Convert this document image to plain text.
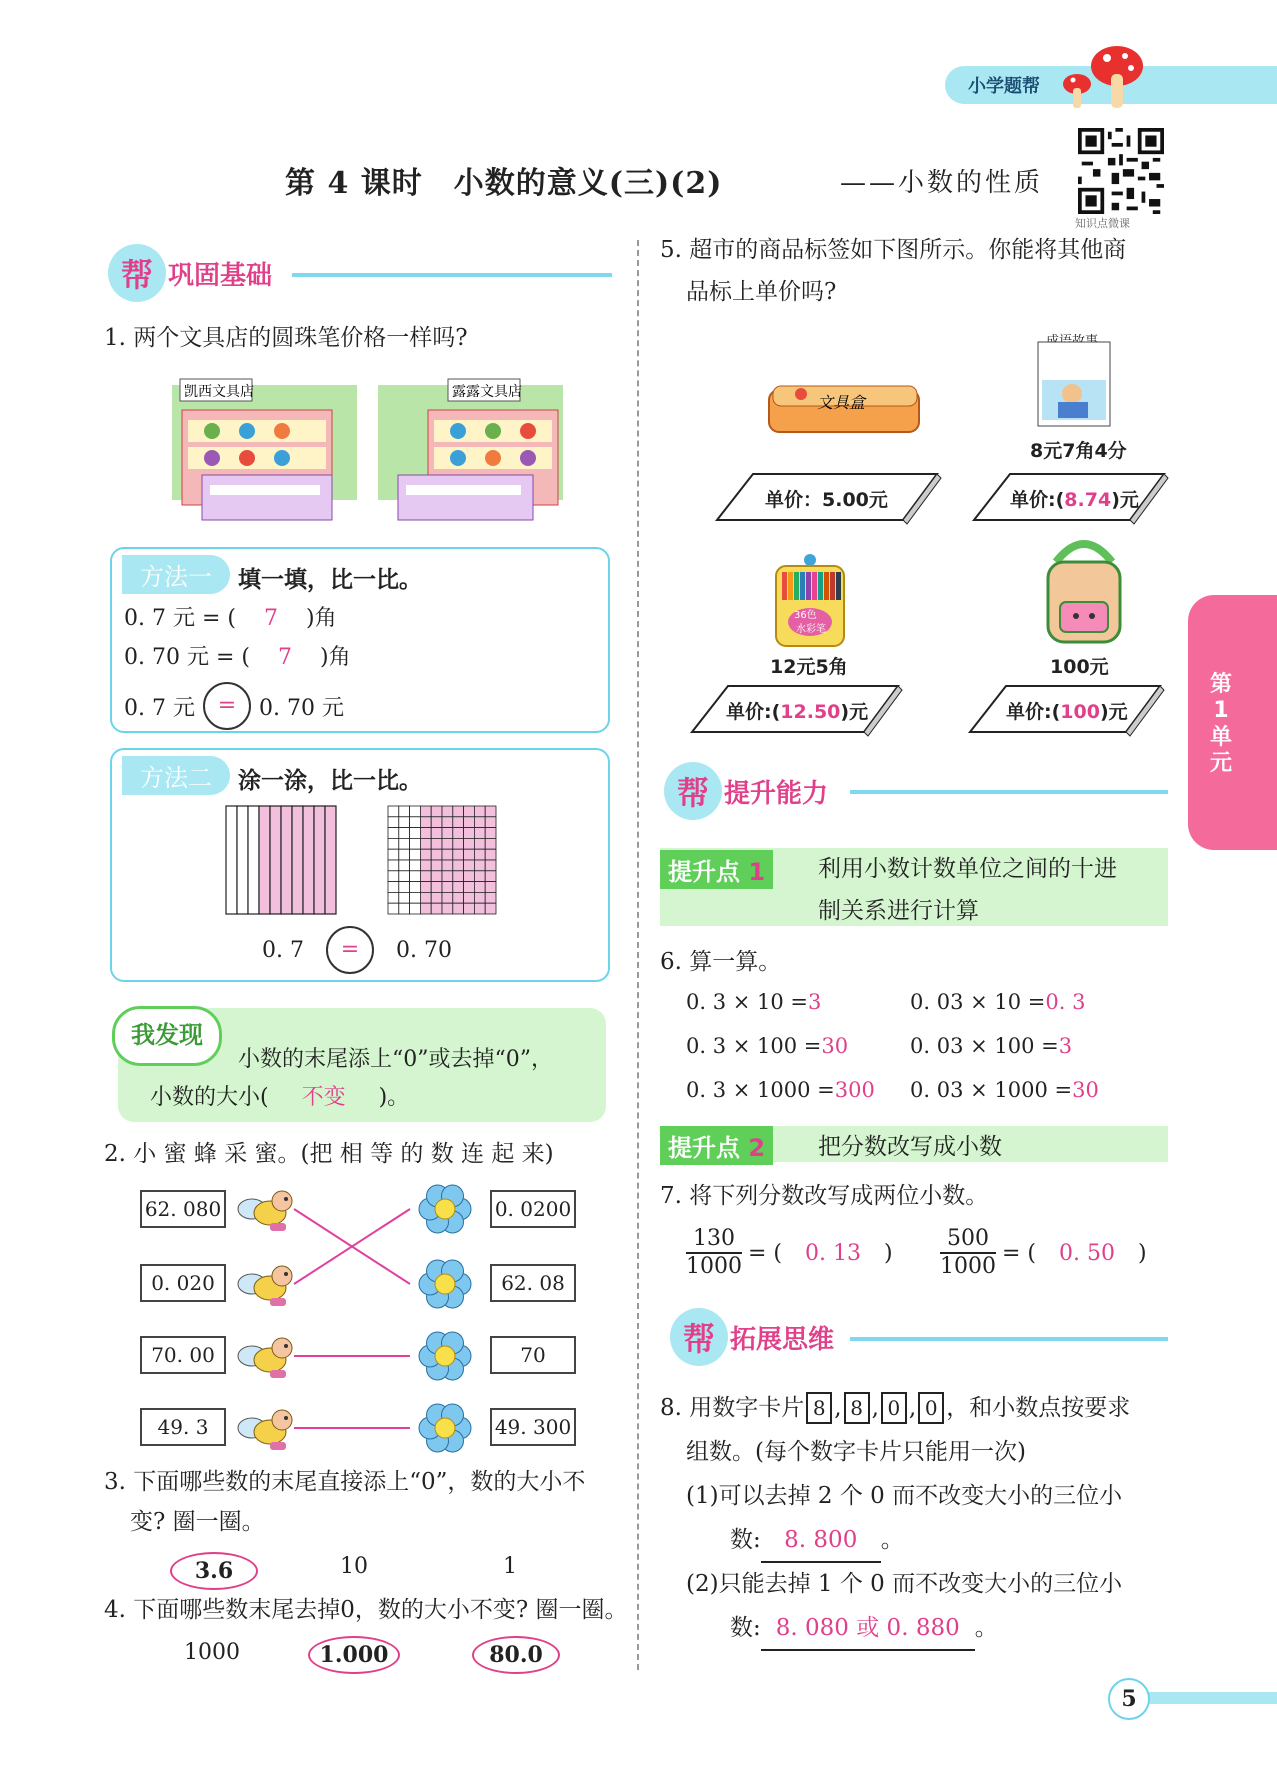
小学题帮
知识点微课
第 4 课时　小数的意义(三)(2)	——小数的性质
帮 巩固基础
1. 两个文具店的圆珠笔价格一样吗?
凯西文具店	露露文具店
方法一	填一填，比一比。
0. 7 元 = ( 7 )角
0. 70 元 = ( 7 )角
0. 7 元	=	0. 70 元
方法二	涂一涂，比一比。
0. 7	=	0. 70
我发现
小数的末尾添上“0”或去掉“0”，
小数的大小( 不变 )。
2. 小 蜜 蜂 采 蜜。(把 相 等 的 数 连 起 来)
62. 080
0. 020
70. 00
49. 3
0. 0200
62. 08
70
49. 300
3. 下面哪些数的末尾直接添上“0”，数的大小不
变? 圈一圈。
3.6	10	1
4. 下面哪些数末尾去掉0，数的大小不变? 圈一圈。
1000	1.000	80.0
5. 超市的商品标签如下图所示。你能将其他商
品标上单价吗?
文具盒
8元7角4分
单价：5.00元	单价:(8.74)元
36色
水彩笔
12元5角	100元
单价:(12.50)元	单价:(100)元
帮 提升能力
提升点 1	利用小数计数单位之间的十进
制关系进行计算
6. 算一算。
0. 3 × 10 =3	0. 03 × 10 =0. 3
0. 3 × 100 =30	0. 03 × 100 =3
0. 3 × 1000 =300 0. 03 × 1000 =30
提升点 2	把分数改写成小数
7. 将下列分数改写成两位小数。
$\frac{130}{1000}$ = (	0. 13	) $\frac{500}{1000}$ = (	0. 50	)
帮 拓展思维
8. 用数字卡片 8 , 8 , 0 , 0 ，和小数点按要求
组数。(每个数字卡片只能用一次)
(1)可以去掉 2 个 0 而不改变大小的三位小
数: 8. 800 。
(2)只能去掉 1 个 0 而不改变大小的三位小
数: 8. 080 或 0. 880 。
第
1
单
元
5
